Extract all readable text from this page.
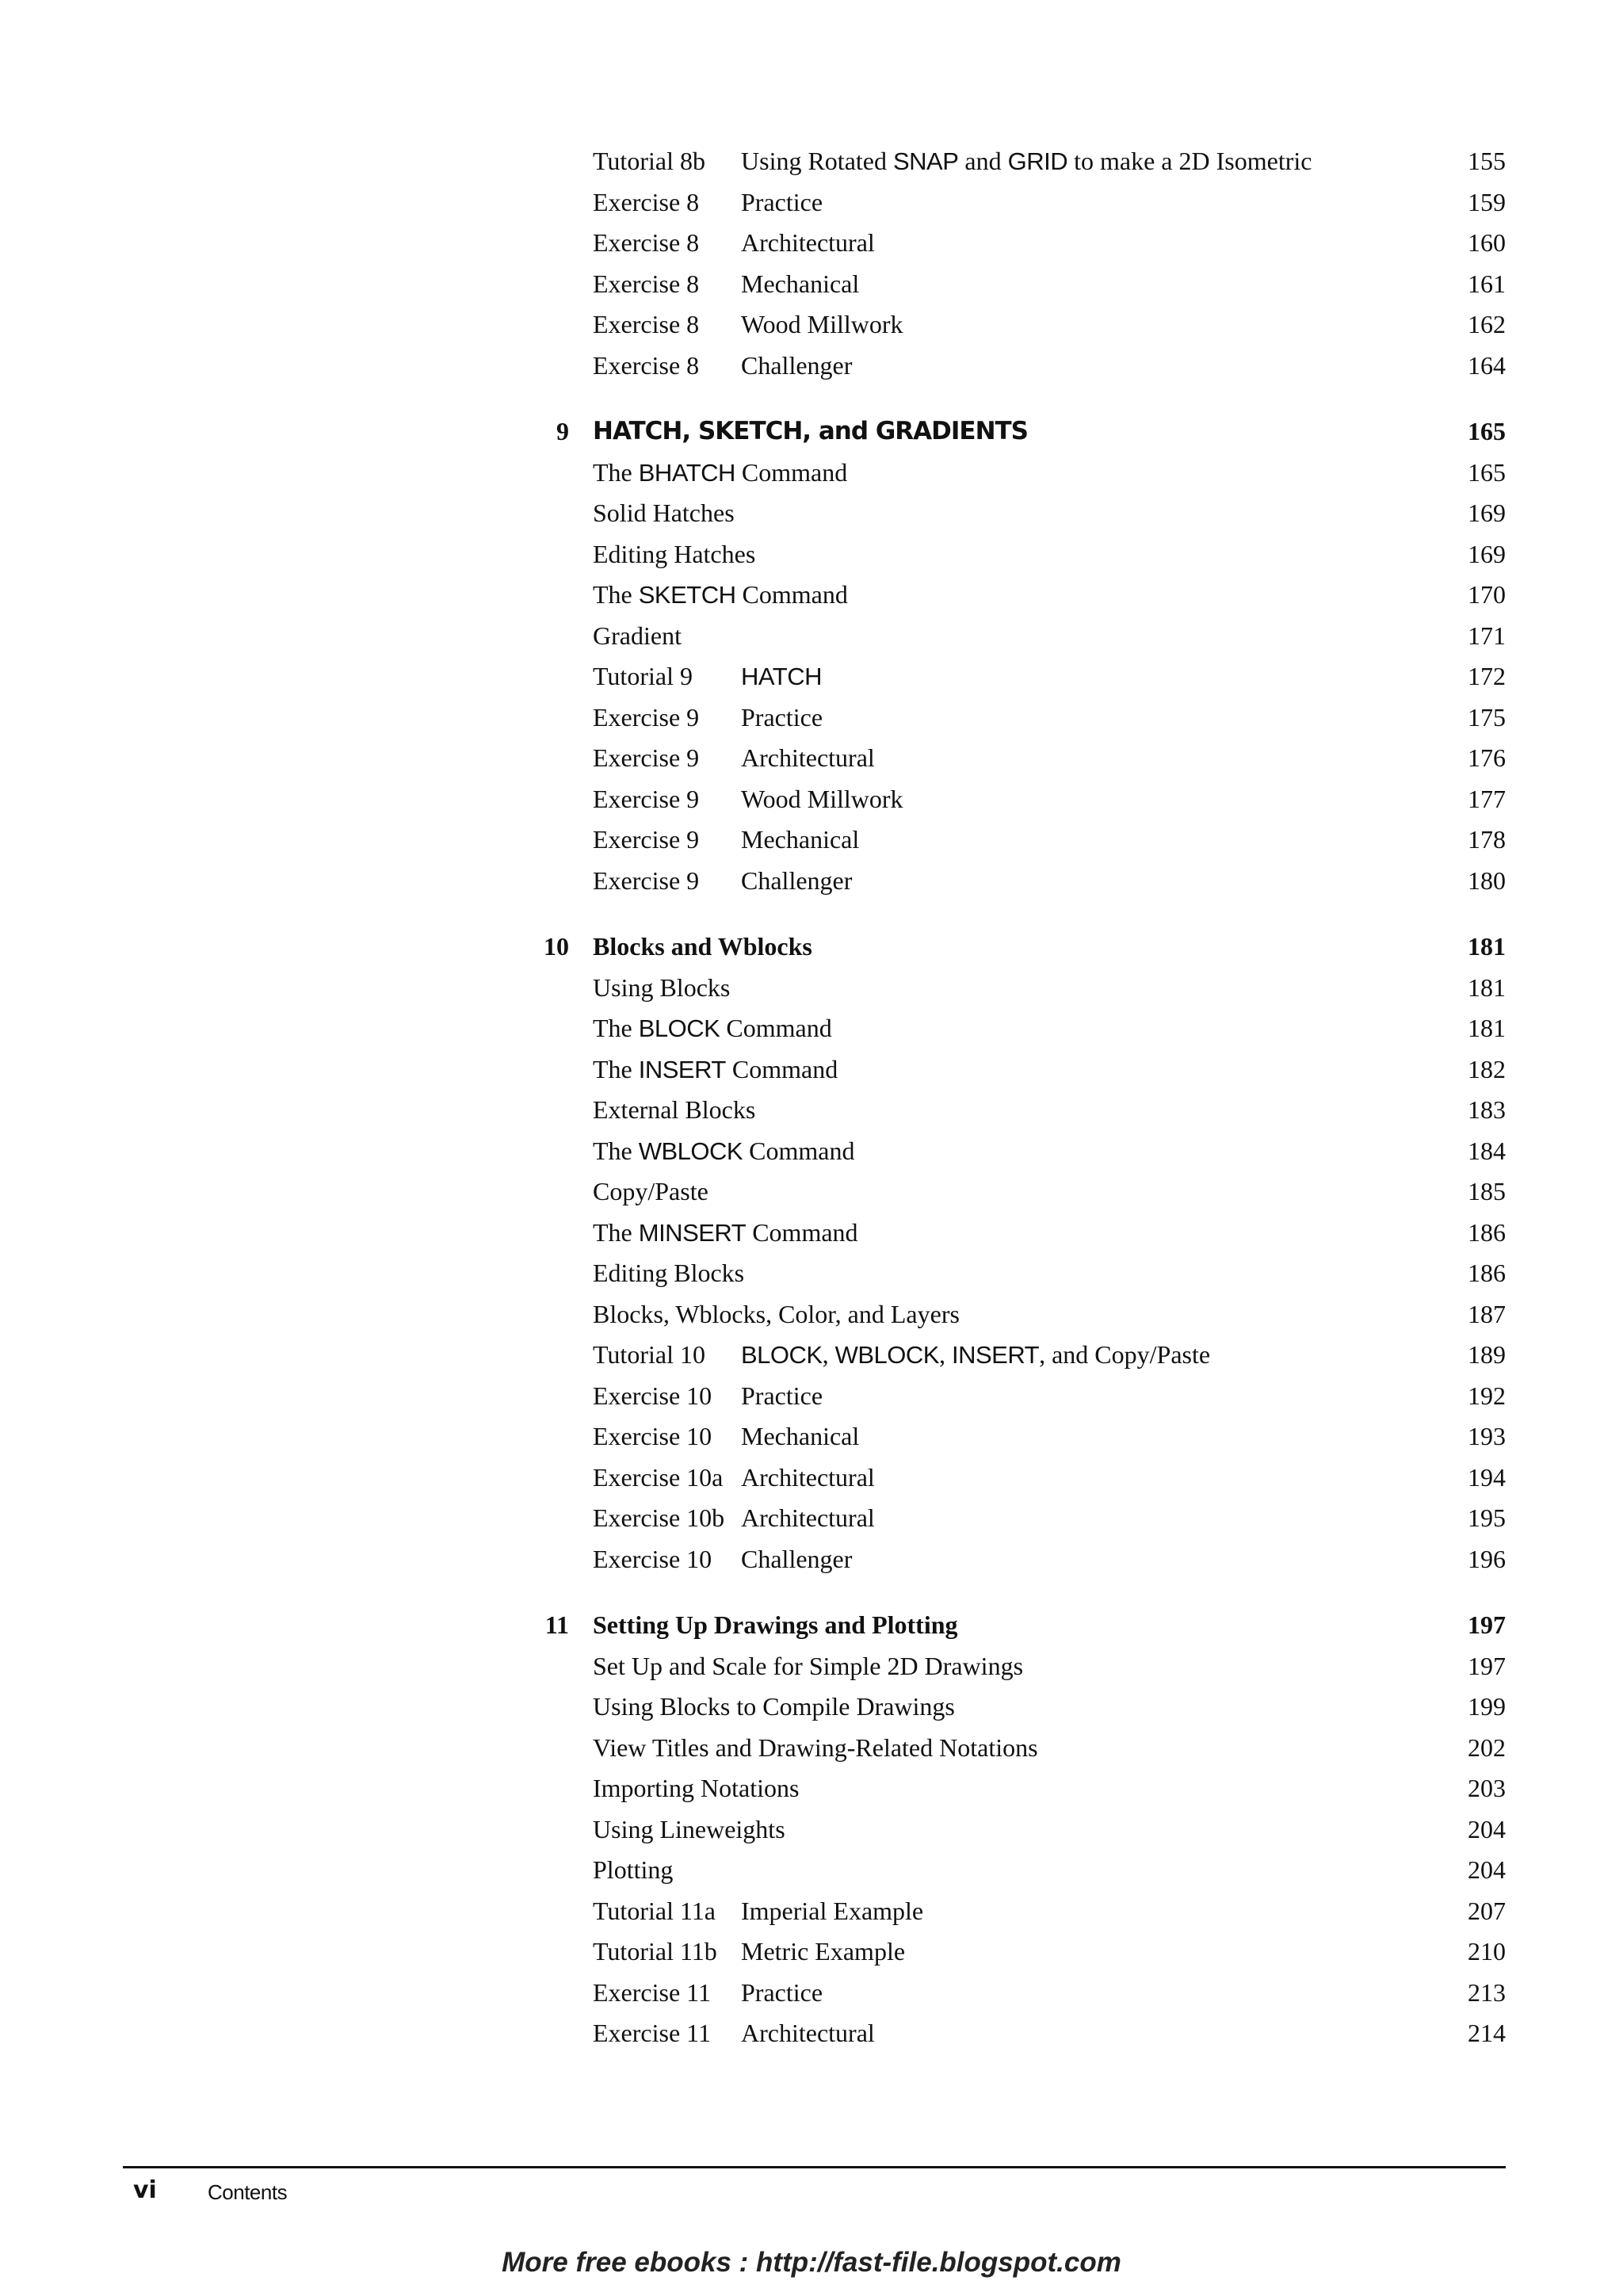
Tutorial 8b Using Rotated SNAP and GRID to make a 2D Isometric	155
Exercise 8 Practice	159
Exercise 8 Architectural	160
Exercise 8 Mechanical	161
Exercise 8 Wood Millwork	162
Exercise 8 Challenger	164
9 HATCH, SKETCH, and GRADIENTS	165
The BHATCH Command	165
Solid Hatches	169
Editing Hatches	169
The SKETCH Command	170
Gradient	171
Tutorial 9 HATCH	172
Exercise 9 Practice	175
Exercise 9 Architectural	176
Exercise 9 Wood Millwork	177
Exercise 9 Mechanical	178
Exercise 9 Challenger	180
10 Blocks and Wblocks	181
Using Blocks	181
The BLOCK Command	181
The INSERT Command	182
External Blocks	183
The WBLOCK Command	184
Copy/Paste	185
The MINSERT Command	186
Editing Blocks	186
Blocks, Wblocks, Color, and Layers	187
Tutorial 10 BLOCK, WBLOCK, INSERT, and Copy/Paste	189
Exercise 10 Practice	192
Exercise 10 Mechanical	193
Exercise 10a Architectural	194
Exercise 10b Architectural	195
Exercise 10 Challenger	196
11 Setting Up Drawings and Plotting	197
Set Up and Scale for Simple 2D Drawings	197
Using Blocks to Compile Drawings	199
View Titles and Drawing-Related Notations	202
Importing Notations	203
Using Lineweights	204
Plotting	204
Tutorial 11a Imperial Example	207
Tutorial 11b Metric Example	210
Exercise 11 Practice	213
Exercise 11 Architectural	214
vi Contents
More free ebooks : http://fast-file.blogspot.com
